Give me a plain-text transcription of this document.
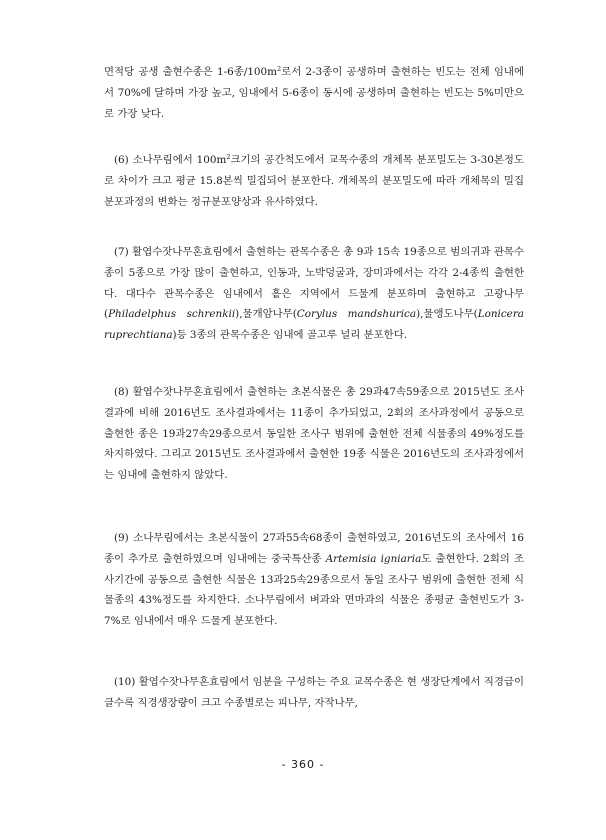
면적당 공생 출현수종은 1-6종$/100m^2$로서 2-3종이 공생하며 출현하는 빈도는 전체 임내에서 70%에 달하며 가장 높고, 임내에서 5-6종이 동시에 공생하며 출현하는 빈도는 5%미만으로 가장 낮다.

(6) 소나무림에서 $100m^2$크기의 공간척도에서 교목수종의 개체목 분포밀도는 3-30본정도로 차이가 크고 평균 15.8본씩 밀집되어 분포한다. 개체목의 분포밀도에 따라 개체목의 밀집 분포과정의 변화는 정규분포양상과 유사하였다.

(7) 활엽수잣나무혼효림에서 출현하는 관목수종은 총 9과 15속 19종으로 범의귀과 관목수종이 5종으로 가장 많이 출현하고, 인동과, 노박덩굴과, 장미과에서는 각각 2-4종씩 출현한다. 대다수 관목수종은 임내에서 흩은 지역에서 드물게 분포하며 출현하고 고광나무(Philadelphus schrenkii),물개암나무(Corylus mandshurica),물앵도나무(Lonicera ruprechtiana)등 3종의 관목수종은 임내에 골고루 널리 분포한다.

(8) 활엽수잣나무혼효림에서 출현하는 초본식물은 총 29과47속59종으로 2015년도 조사결과에 비해 2016년도 조사결과에서는 11종이 추가되었고, 2회의 조사과정에서 공동으로 출현한 종은 19과27속29종으로서 동일한 조사구 범위에 출현한 전체 식물종의 49%정도를 차지하였다. 그리고 2015년도 조사결과에서 출현한 19종 식물은 2016년도의 조사과정에서는 임내에 출현하지 않았다.

(9) 소나무림에서는 초본식물이 27과55속68종이 출현하였고, 2016년도의 조사에서 16종이 추가로 출현하였으며 임내에는 중국특산종 Artemisia igniaria도 출현한다. 2회의 조사기간에 공동으로 출현한 식물은 13과25속29종으로서 동일 조사구 범위에 출현한 전체 식물종의 43%정도를 차지한다. 소나무림에서 벼과와 면마과의 식물은 종평균 출현빈도가 3-7%로 임내에서 매우 드물게 분포한다.

(10) 활엽수잣나무혼효림에서 임분을 구성하는 주요 교목수종은 현 생장단계에서 직경급이 클수록 직경생장량이 크고 수종별로는 피나무, 자작나무,

- 360 -
